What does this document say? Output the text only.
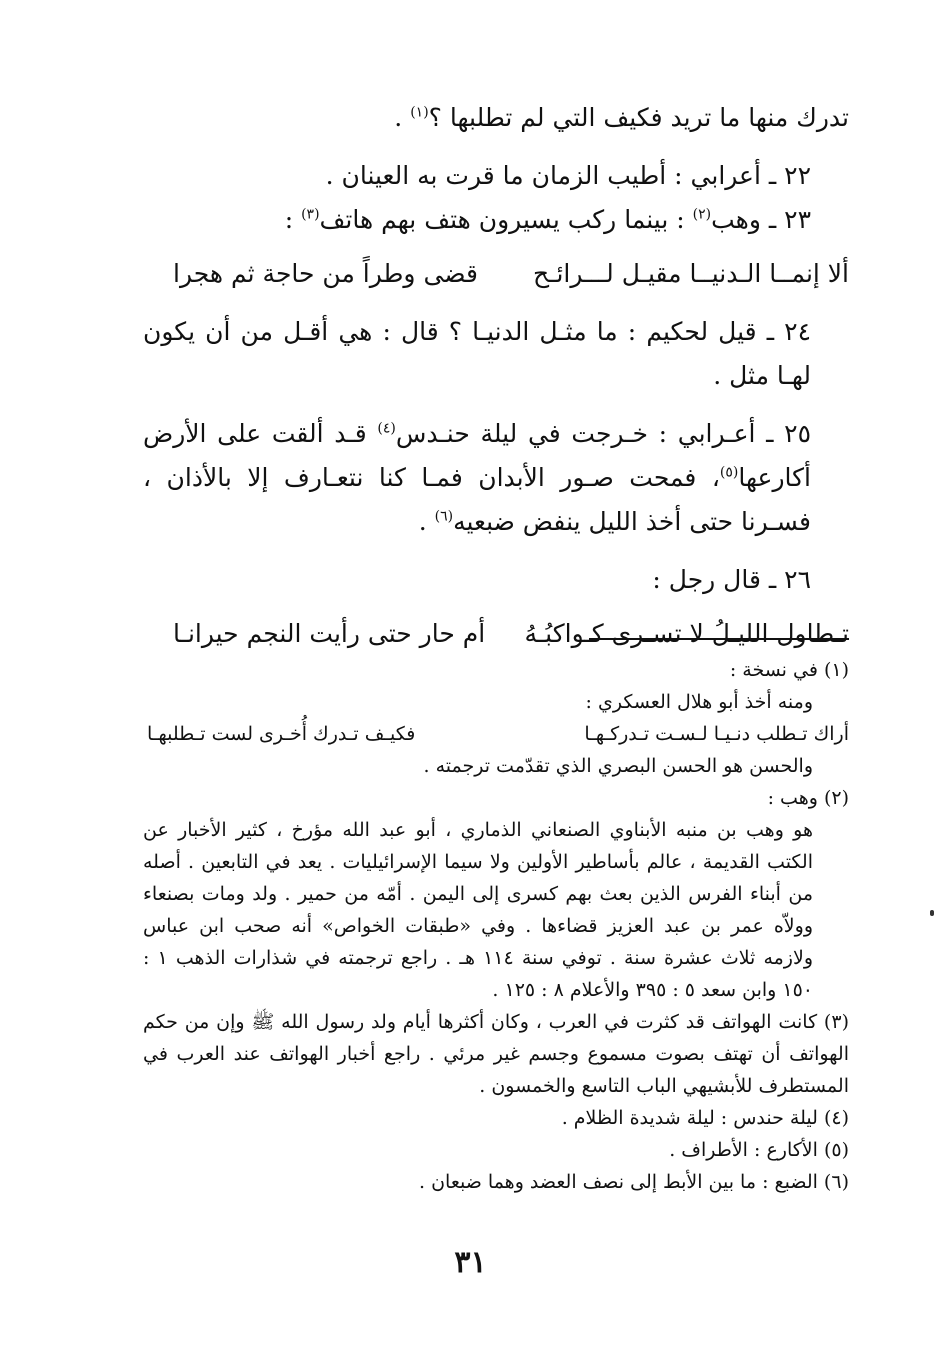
تدرك منها ما تريد فكيف التي لم تطلبها ؟$^{(١)}$ .

٢٢ ـ أعرابي : أطيب الزمان ما قرت به العينان .

٢٣ ـ وهب$^{(٢)}$ : بينما ركب يسيرون هتف بهم هاتف$^{(٣)}$ :

ألا إنمــا الـدنيــا مقيـل لـــرائـح
قضى وطراً من حاجة ثم هجرا

٢٤ ـ قيل لحكيم : ما مثـل الدنيـا ؟ قال : هي أقـل من أن يكون لهـا مثل .

٢٥ ـ أعـرابي : خـرجت في ليلة حنـدس$^{(٤)}$ قـد ألقت على الأرض أكارعها$^{(٥)}$، فمحت صـور الأبدان فمـا كنا نتعـارف إلا بالأذان ، فسـرنا حتى أخذ الليل ينفض ضبعيه$^{(٦)}$ .

٢٦ ـ قال رجل :

تـطاول الليـلُ لا تسـرى كـواكبُـهُ
أم حار حتى رأيت النجم حيرانـا

(١) في نسخة :

ومنه أخذ أبو هلال العسكري :

أراك تـطلب دنـيـا لـسـت تـدركـهـا
فكيـف تـدرك أُخـرى لست تـطلبهـا

والحسن هو الحسن البصري الذي تقدّمت ترجمته .

(٢) وهب :

هو وهب بن منبه الأبناوي الصنعاني الذماري ، أبو عبد الله مؤرخ ، كثير الأخبار عن الكتب القديمة ، عالم بأساطير الأولين ولا سيما الإسرائيليات . يعد في التابعين . أصله من أبناء الفرس الذين بعث بهم كسرى إلى اليمن . أمّه من حمير . ولد ومات بصنعاء وولاّه عمر بن عبد العزيز قضاءها . وفي «طبقات الخواص» أنه صحب ابن عباس ولازمه ثلاث عشرة سنة . توفي سنة ١١٤ هـ . راجع ترجمته في شذارات الذهب ١ : ١٥٠ وابن سعد ٥ : ٣٩٥ والأعلام ٨ : ١٢٥ .

(٣) كانت الهواتف قد كثرت في العرب ، وكان أكثرها أيام ولد رسول الله ﷺ وإن من حكم الهواتف أن تهتف بصوت مسموع وجسم غير مرئي . راجع أخبار الهواتف عند العرب في المستطرف للأبشيهي الباب التاسع والخمسون .

(٤) ليلة حندس : ليلة شديدة الظلام .

(٥) الأكارع : الأطراف .

(٦) الضبع : ما بين الأبط إلى نصف العضد وهما ضبعان .

٣١
